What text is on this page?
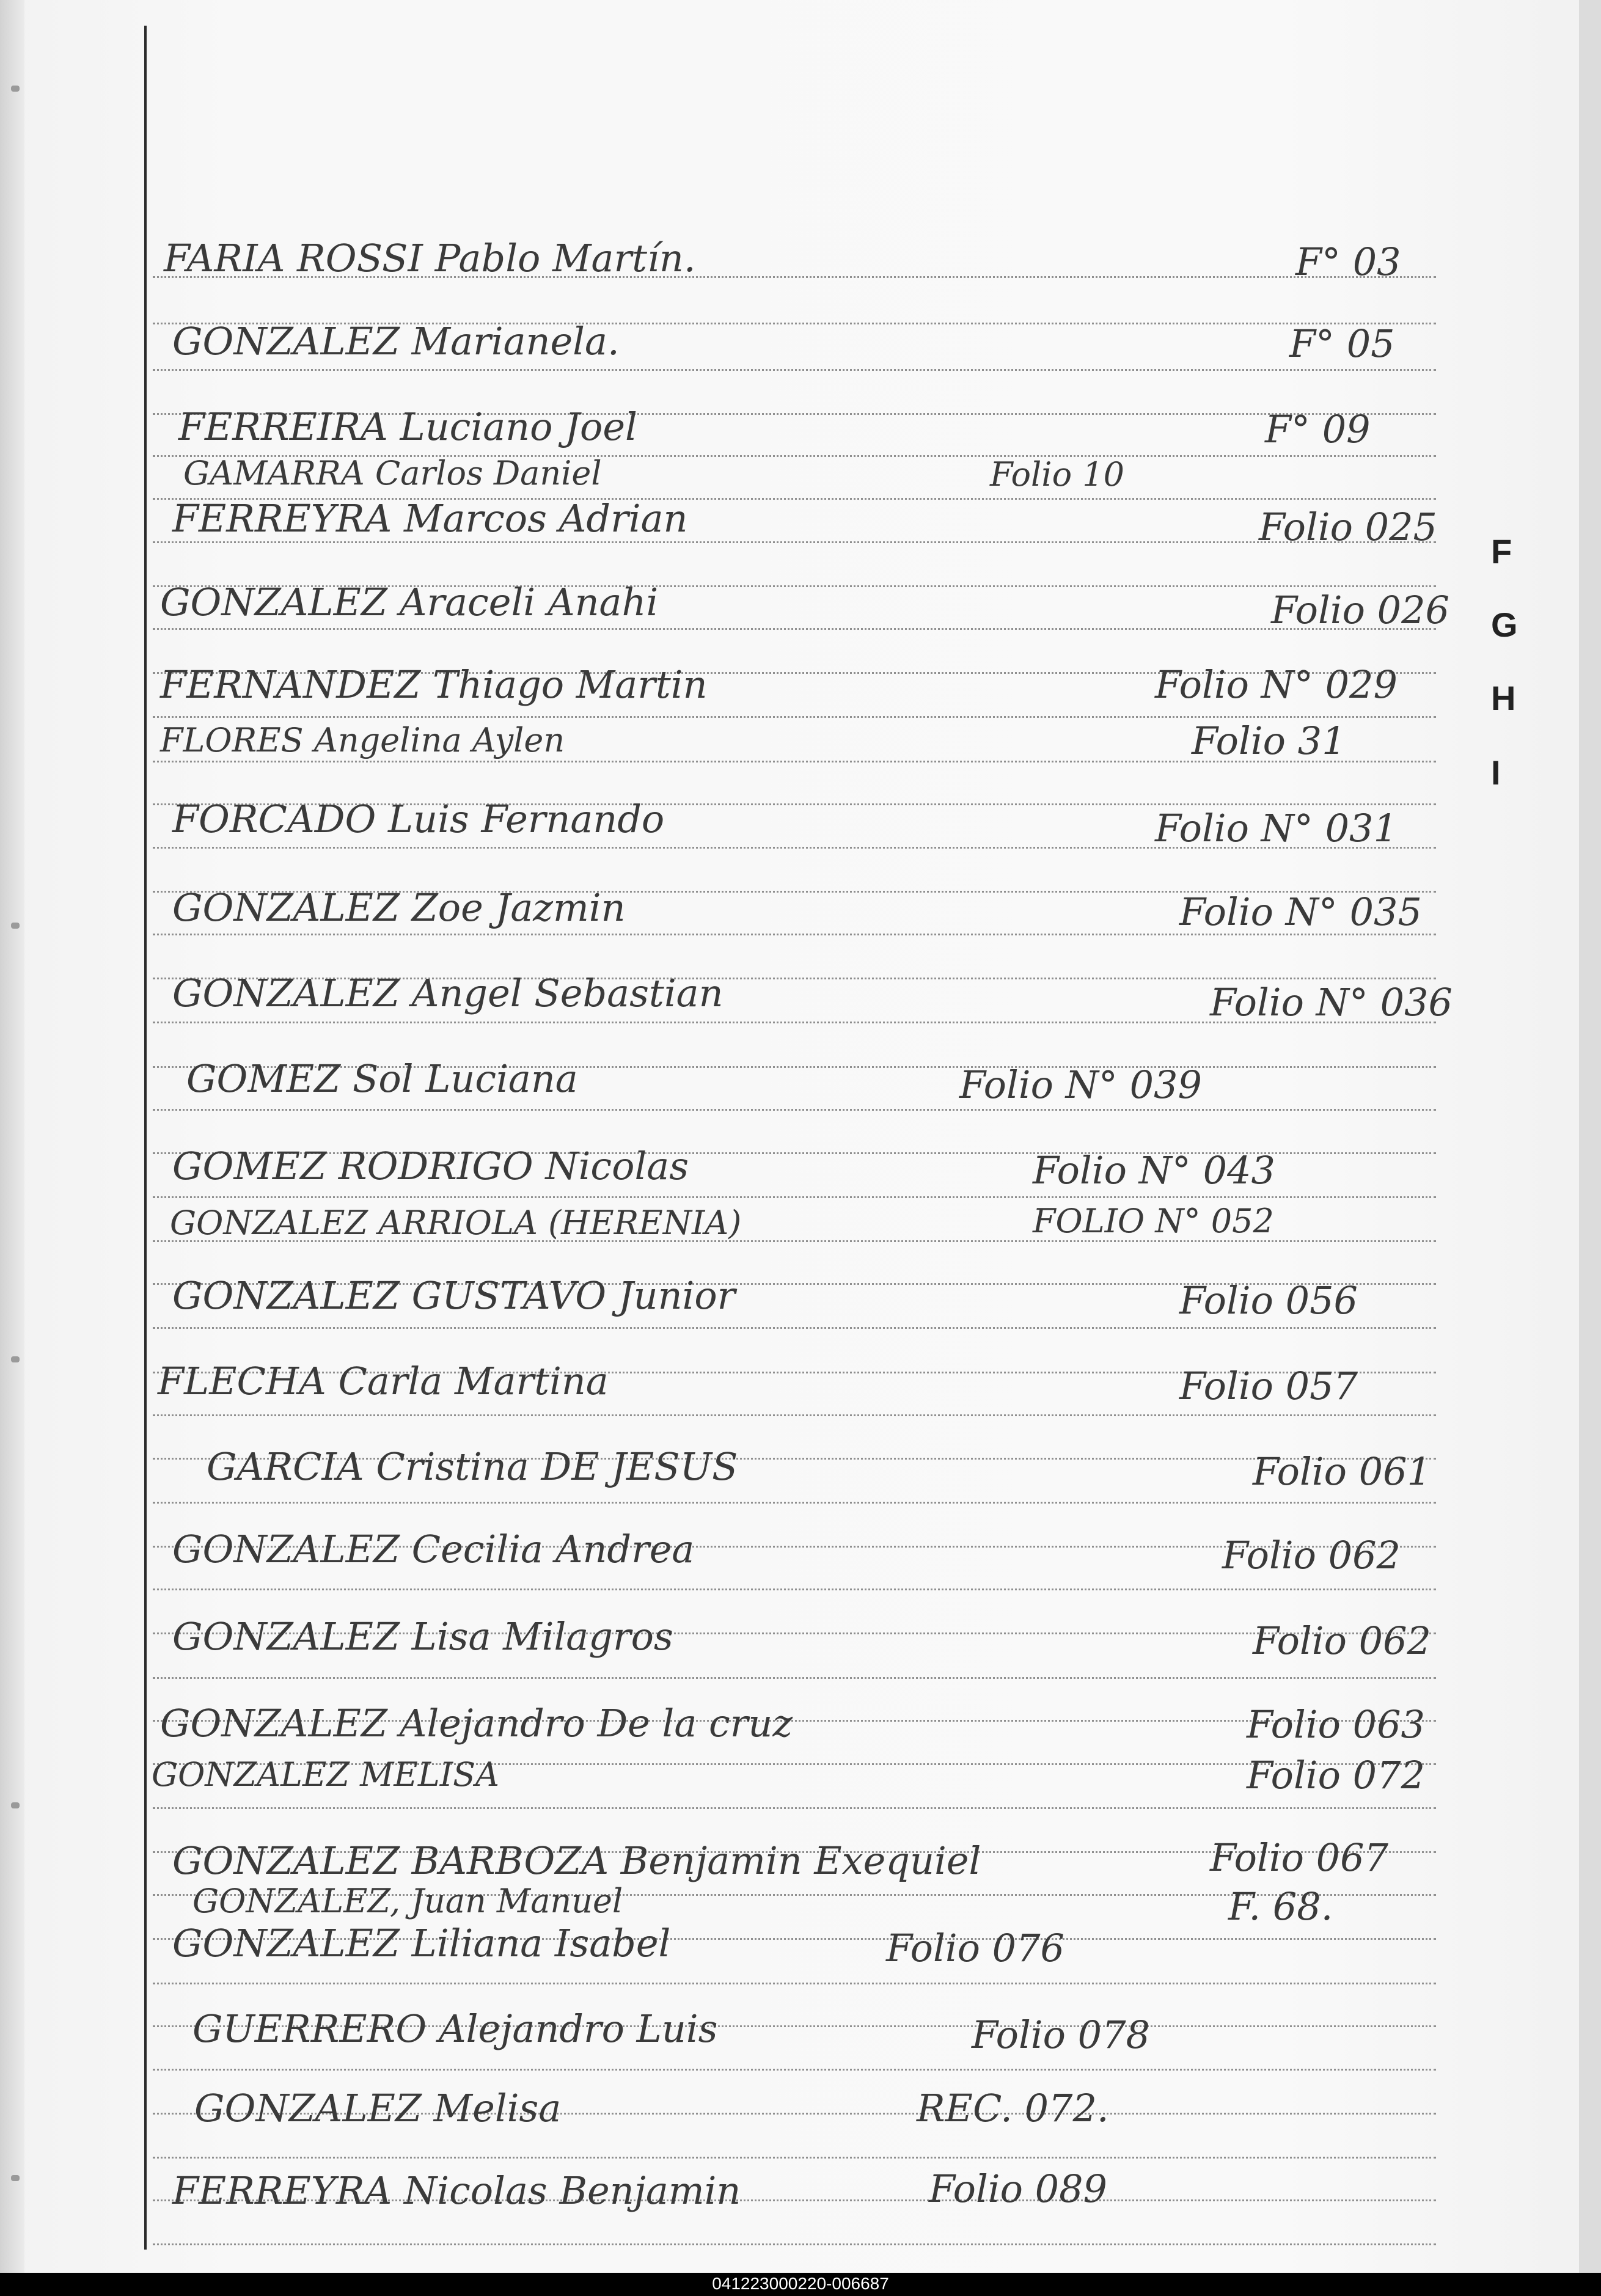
F
G
H
I
FARIA ROSSI Pablo Martín.	F° 03
GONZALEZ Marianela.	F° 05
FERREIRA Luciano Joel	F° 09
GAMARRA Carlos Daniel	Folio 10
FERREYRA Marcos Adrian	Folio 025
GONZALEZ Araceli Anahi	Folio 026
FERNANDEZ Thiago Martin	Folio N° 029
FLORES Angelina Aylen	Folio 31
FORCADO Luis Fernando	Folio N° 031
GONZALEZ Zoe Jazmin	Folio N° 035
GONZALEZ Angel Sebastian	Folio N° 036
GOMEZ Sol Luciana	Folio N° 039
GOMEZ RODRIGO Nicolas	Folio N° 043
GONZALEZ ARRIOLA (HERENIA)	FOLIO N° 052
GONZALEZ GUSTAVO Junior	Folio 056
FLECHA Carla Martina	Folio 057
GARCIA Cristina DE JESUS	Folio 061
GONZALEZ Cecilia Andrea	Folio 062
GONZALEZ Lisa Milagros	Folio 062
GONZALEZ Alejandro De la cruz	Folio 063
GONZALEZ MELISA	Folio 072
GONZALEZ BARBOZA Benjamin Exequiel	Folio 067
GONZALEZ, Juan Manuel	F. 68.
GONZALEZ Liliana Isabel	Folio 076
GUERRERO Alejandro Luis	Folio 078
GONZALEZ Melisa	REC. 072.
FERREYRA Nicolas Benjamin	Folio 089
041223000220-006687
